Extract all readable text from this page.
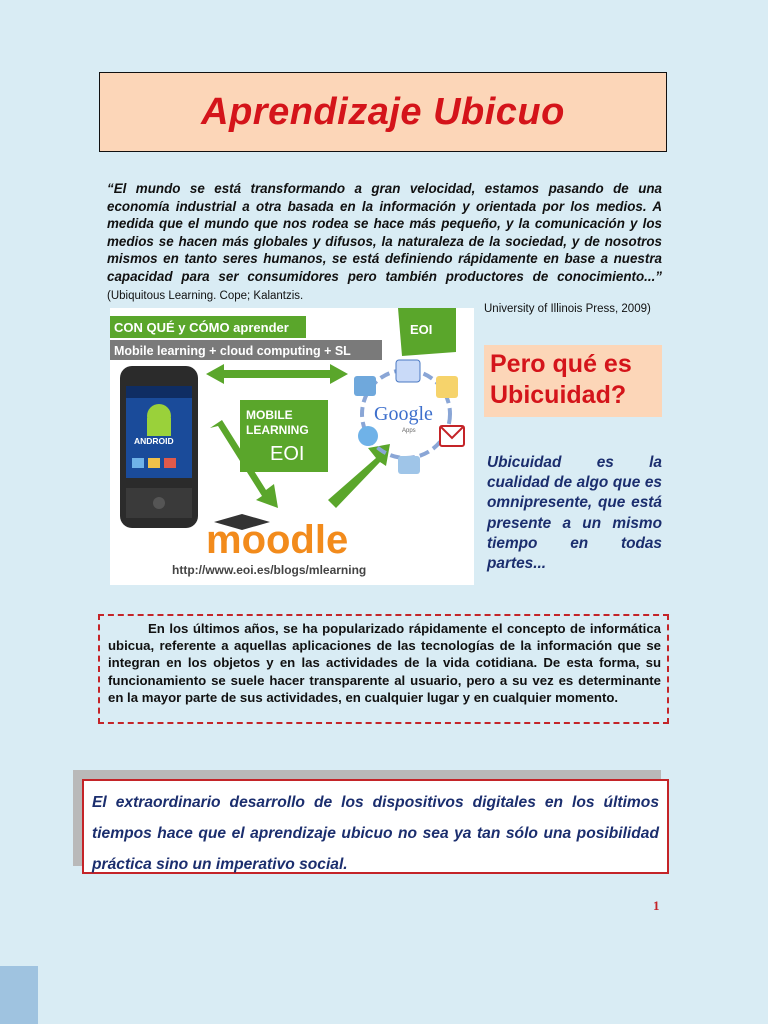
Aprendizaje Ubicuo

“El mundo se está transformando a gran velocidad, estamos pasando de una economía industrial a otra basada en la información y orientada por los medios. A medida que el mundo que nos rodea se hace más pequeño, y la comunicación y los medios se hacen más globales y difusos, la naturaleza de la sociedad, y de nosotros mismos en tanto seres humanos, se está definiendo rápidamente en base a nuestra capacidad para ser consumidores pero también productores de conocimiento...” (Ubiquitous Learning. Cope; Kalantzis.

University of Illinois Press, 2009)
CON QUÉ y CÓMO aprender
Mobile learning + cloud computing + SL
EOI
ANDROID
MOBILE
LEARNING
EOI
Google
Apps
moodle
http://www.eoi.es/blogs/mlearning
Pero qué es
Ubicuidad?
Ubicuidad es la cualidad de algo que es omnipresente, que está presente a un mismo tiempo en todas partes...

En los últimos años, se ha popularizado rápidamente el concepto de informática ubicua, referente a aquellas aplicaciones de las tecnologías de la información que se integran en los objetos y en las actividades de la vida cotidiana. De esta forma, su funcionamiento se suele hacer transparente al usuario, pero a su vez es determinante en la mayor parte de sus actividades, en cualquier lugar y en cualquier momento.

El extraordinario desarrollo de los dispositivos digitales en los últimos tiempos hace que el aprendizaje ubicuo no sea ya tan sólo una posibilidad práctica sino un imperativo social.

1
